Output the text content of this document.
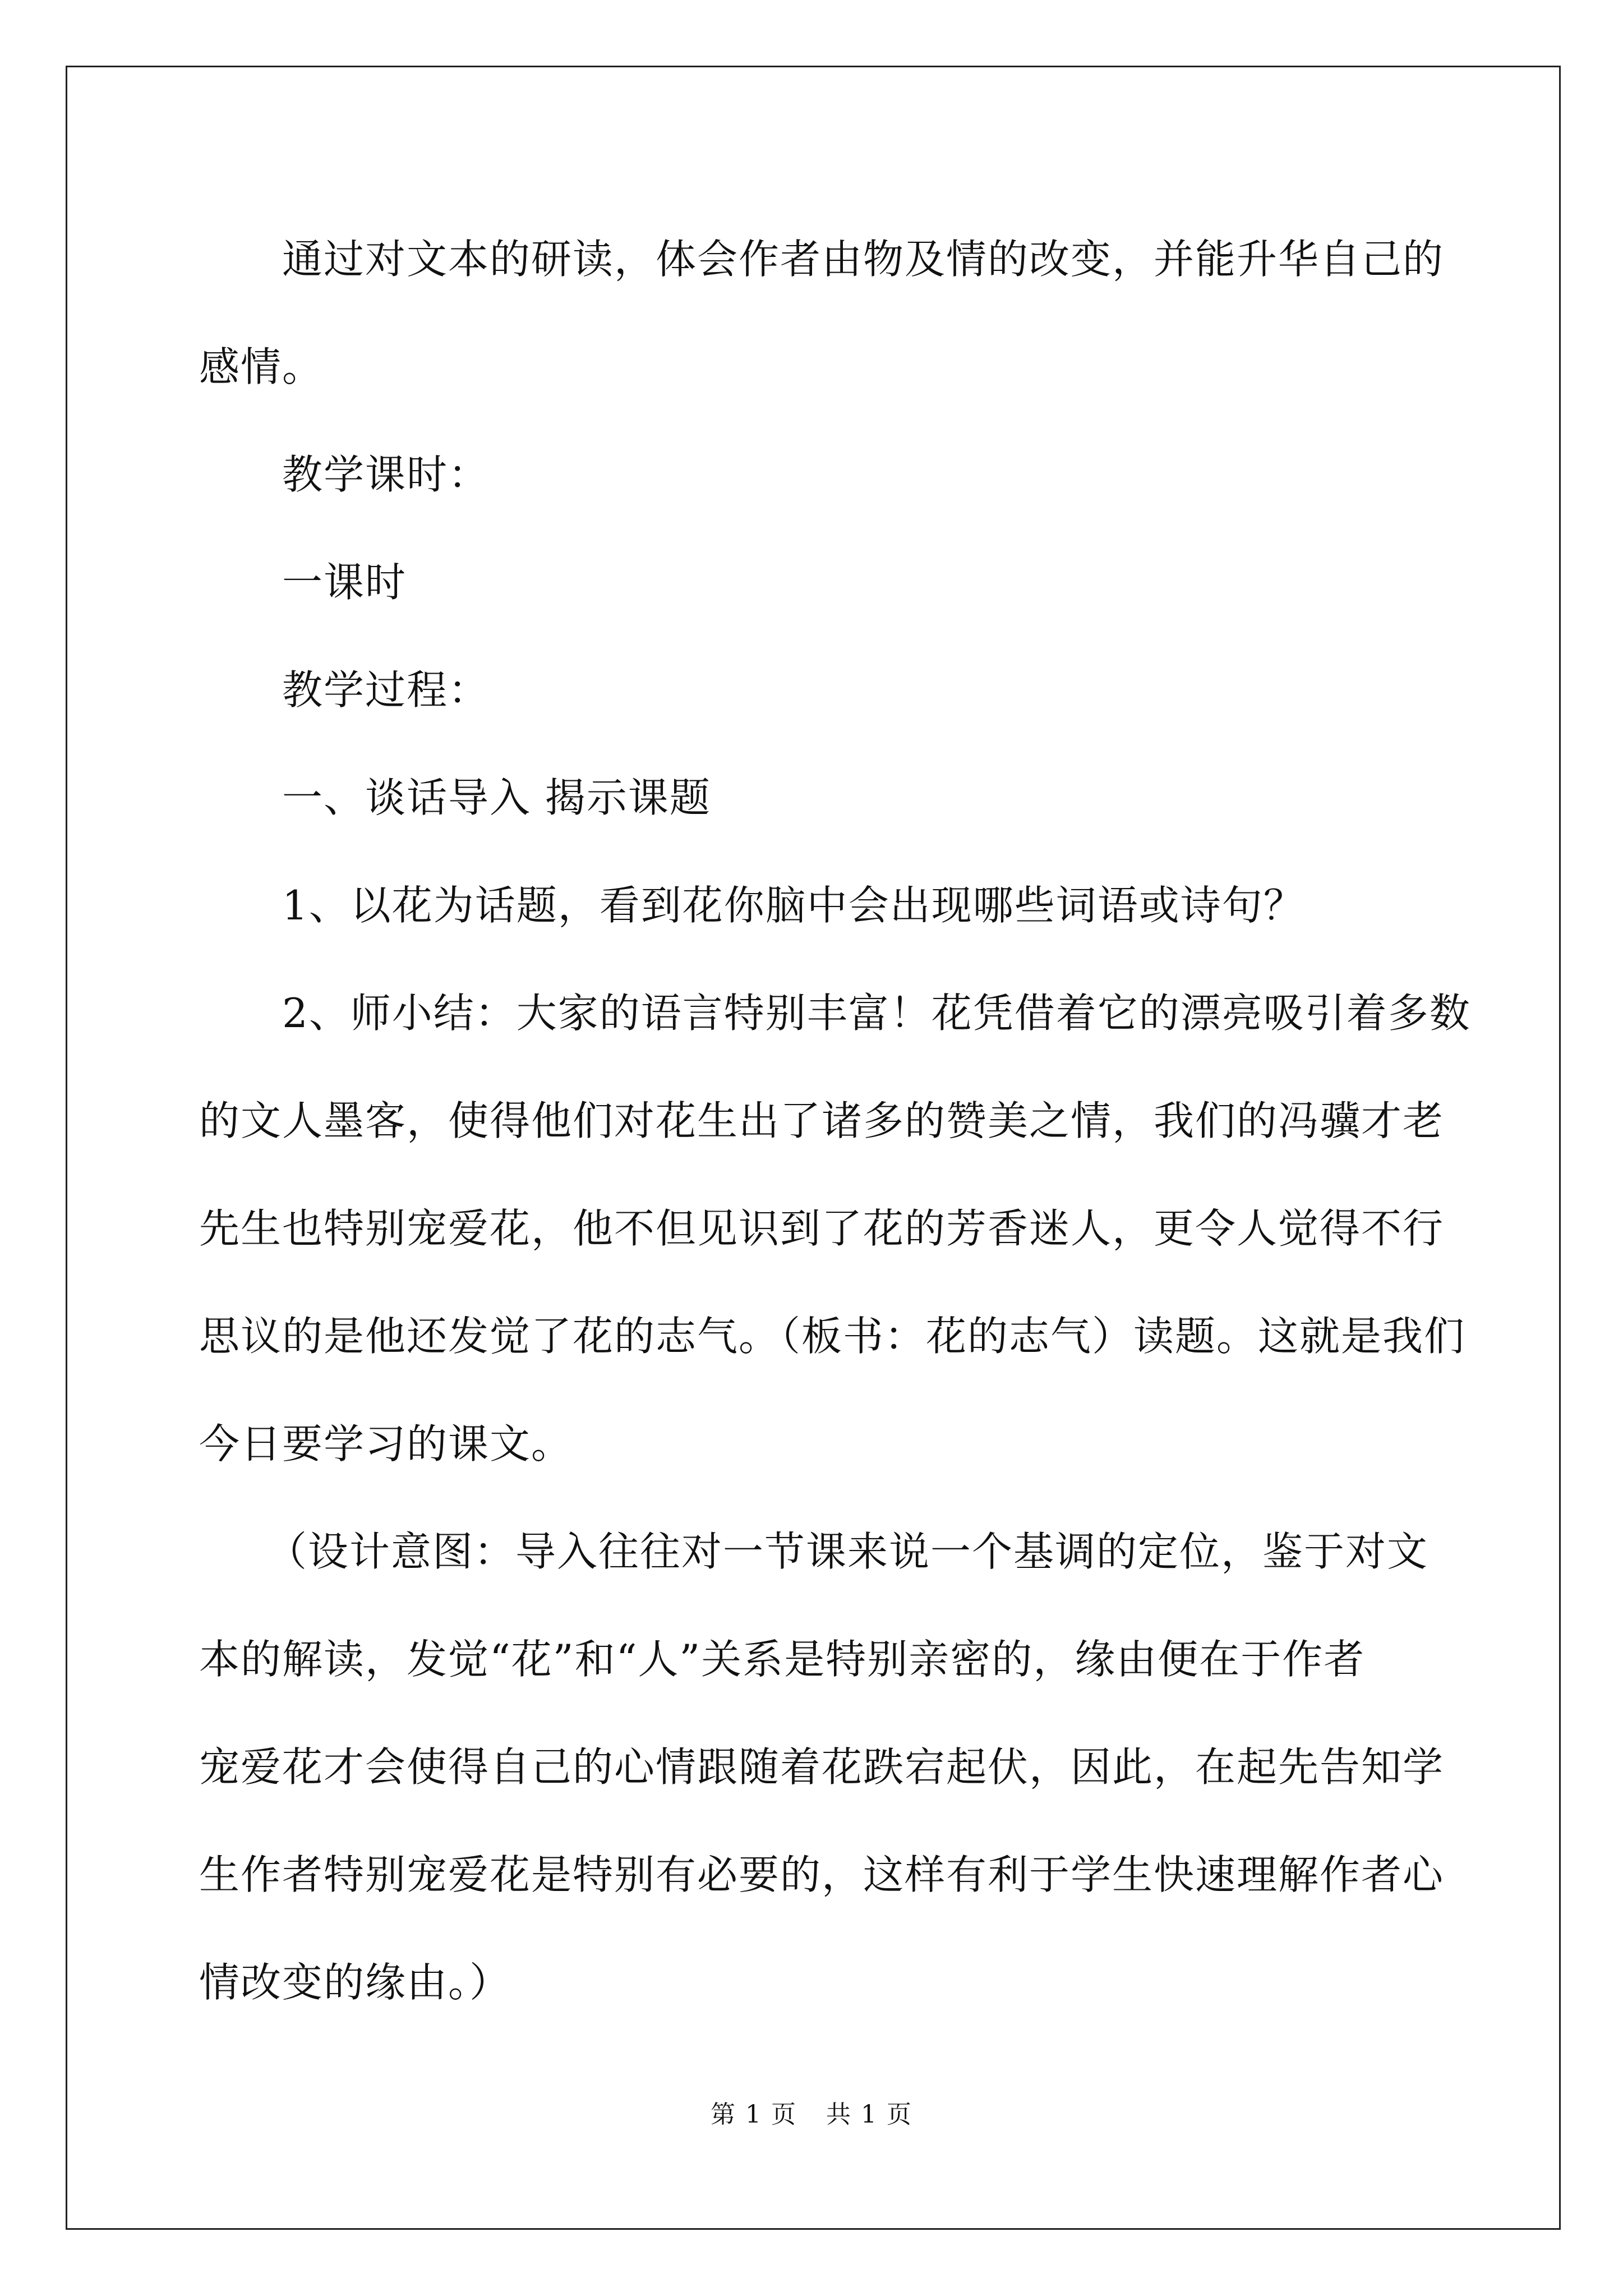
通过对文本的研读，体会作者由物及情的改变，并能升华自己的
感情。

教学课时：

一课时

教学过程：

一、谈话导入 揭示课题

1、以花为话题，看到花你脑中会出现哪些词语或诗句？

2、师小结：大家的语言特别丰富！花凭借着它的漂亮吸引着多数
的文人墨客，使得他们对花生出了诸多的赞美之情，我们的冯骥才老
先生也特别宠爱花，他不但见识到了花的芳香迷人，更令人觉得不行
思议的是他还发觉了花的志气。（板书：花的志气）读题。这就是我们
今日要学习的课文。

（设计意图：导入往往对一节课来说一个基调的定位，鉴于对文
本的解读，发觉“花”和“人”关系是特别亲密的，缘由便在于作者
宠爱花才会使得自己的心情跟随着花跌宕起伏，因此，在起先告知学
生作者特别宠爱花是特别有必要的，这样有利于学生快速理解作者心
情改变的缘由。）

第 1 页 共 1 页
